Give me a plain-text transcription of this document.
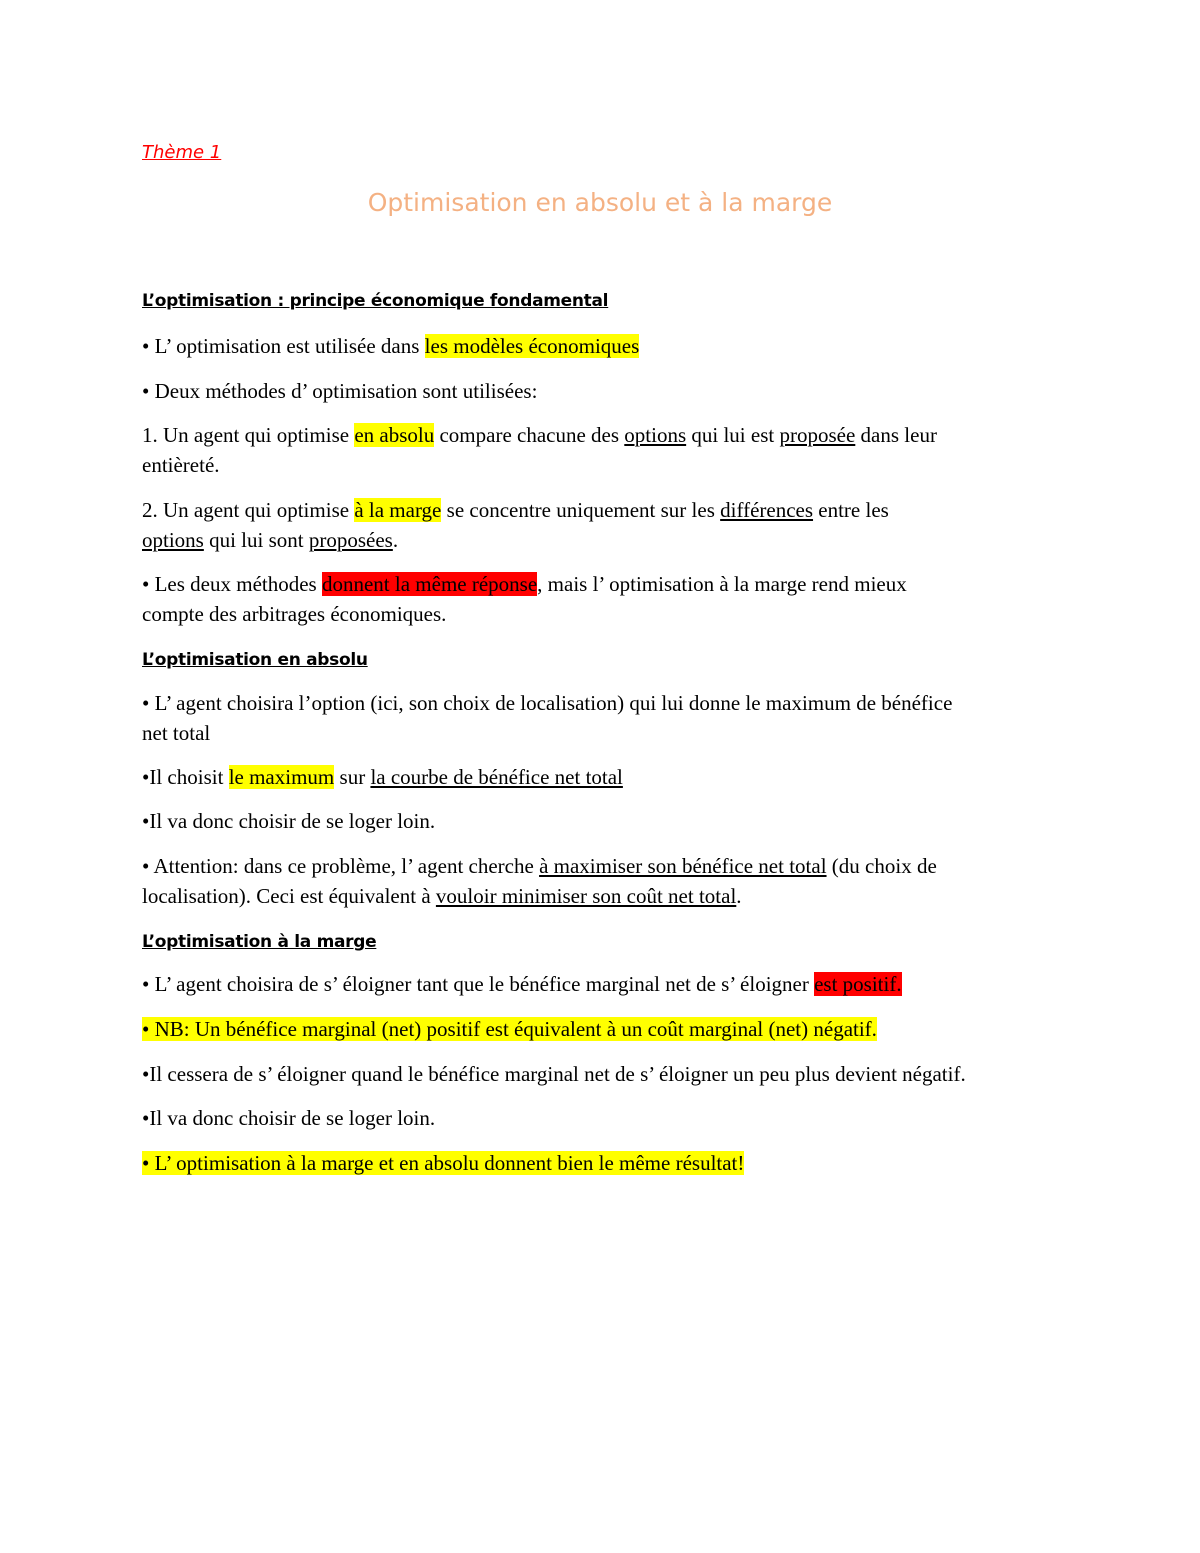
Thème 1

Optimisation en absolu et à la marge

L’optimisation : principe économique fondamental

• L’ optimisation est utilisée dans les modèles économiques

• Deux méthodes d’ optimisation sont utilisées:

1. Un agent qui optimise en absolu compare chacune des options qui lui est proposée dans leur

entièreté.

2. Un agent qui optimise à la marge se concentre uniquement sur les différences entre les

options qui lui sont proposées.

• Les deux méthodes donnent la même réponse, mais l’ optimisation à la marge rend mieux

compte des arbitrages économiques.

L’optimisation en absolu

• L’ agent choisira l’option (ici, son choix de localisation) qui lui donne le maximum de bénéfice

net total

•Il choisit le maximum sur la courbe de bénéfice net total

•Il va donc choisir de se loger loin.

• Attention: dans ce problème, l’ agent cherche à maximiser son bénéfice net total (du choix de

localisation). Ceci est équivalent à vouloir minimiser son coût net total.

L’optimisation à la marge

• L’ agent choisira de s’ éloigner tant que le bénéfice marginal net de s’ éloigner est positif.

• NB: Un bénéfice marginal (net) positif est équivalent à un coût marginal (net) négatif.

•Il cessera de s’ éloigner quand le bénéfice marginal net de s’ éloigner un peu plus devient négatif.

•Il va donc choisir de se loger loin.

• L’ optimisation à la marge et en absolu donnent bien le même résultat!
